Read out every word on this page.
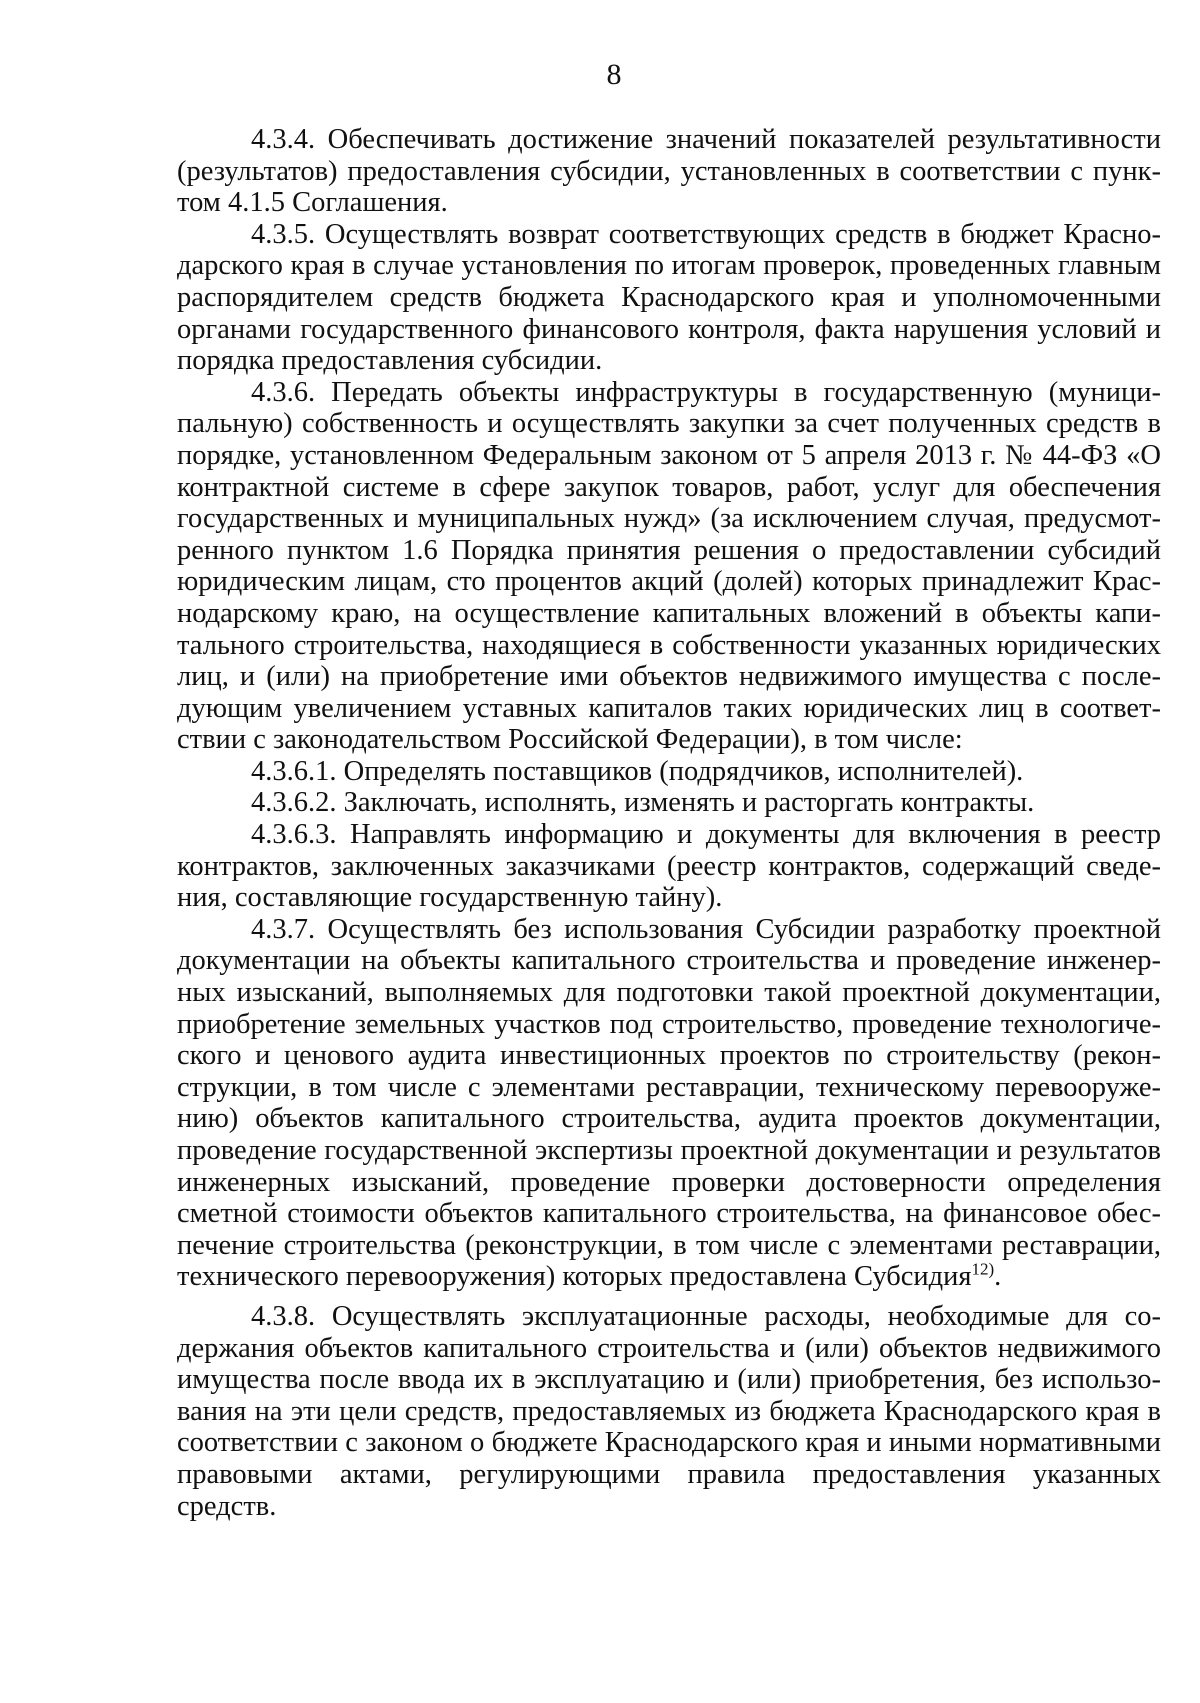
8

4.3.4. Обеспечивать достижение значений показателей результативности (результатов) предоставления субсидии, установленных в соответствии с пунктом 4.1.5 Соглашения.

4.3.5. Осуществлять возврат соответствующих средств в бюджет Краснодарского края в случае установления по итогам проверок, проведенных главным распорядителем средств бюджета Краснодарского края и уполномоченными органами государственного финансового контроля, факта нарушения условий и порядка предоставления субсидии.

4.3.6. Передать объекты инфраструктуры в государственную (муниципальную) собственность и осуществлять закупки за счет полученных средств в порядке, установленном Федеральным законом от 5 апреля 2013 г. № 44-ФЗ «О контрактной системе в сфере закупок товаров, работ, услуг для обеспечения государственных и муниципальных нужд» (за исключением случая, предусмотренного пунктом 1.6 Порядка принятия решения о предоставлении субсидий юридическим лицам, сто процентов акций (долей) которых принадлежит Краснодарскому краю, на осуществление капитальных вложений в объекты капитального строительства, находящиеся в собственности указанных юридических лиц, и (или) на приобретение ими объектов недвижимого имущества с последующим увеличением уставных капиталов таких юридических лиц в соответствии с законодательством Российской Федерации), в том числе:

4.3.6.1. Определять поставщиков (подрядчиков, исполнителей).

4.3.6.2. Заключать, исполнять, изменять и расторгать контракты.

4.3.6.3. Направлять информацию и документы для включения в реестр контрактов, заключенных заказчиками (реестр контрактов, содержащий сведения, составляющие государственную тайну).

4.3.7. Осуществлять без использования Субсидии разработку проектной документации на объекты капитального строительства и проведение инженерных изысканий, выполняемых для подготовки такой проектной документации, приобретение земельных участков под строительство, проведение технологического и ценового аудита инвестиционных проектов по строительству (реконструкции, в том числе с элементами реставрации, техническому перевооружению) объектов капитального строительства, аудита проектов документации, проведение государственной экспертизы проектной документации и результатов инженерных изысканий, проведение проверки достоверности определения сметной стоимости объектов капитального строительства, на финансовое обеспечение строительства (реконструкции, в том числе с элементами реставрации, технического перевооружения) которых предоставлена Субсидия$^{12)}$.

4.3.8. Осуществлять эксплуатационные расходы, необходимые для содержания объектов капитального строительства и (или) объектов недвижимого имущества после ввода их в эксплуатацию и (или) приобретения, без использования на эти цели средств, предоставляемых из бюджета Краснодарского края в соответствии с законом о бюджете Краснодарского края и иными нормативными правовыми актами, регулирующими правила предоставления указанных средств.
